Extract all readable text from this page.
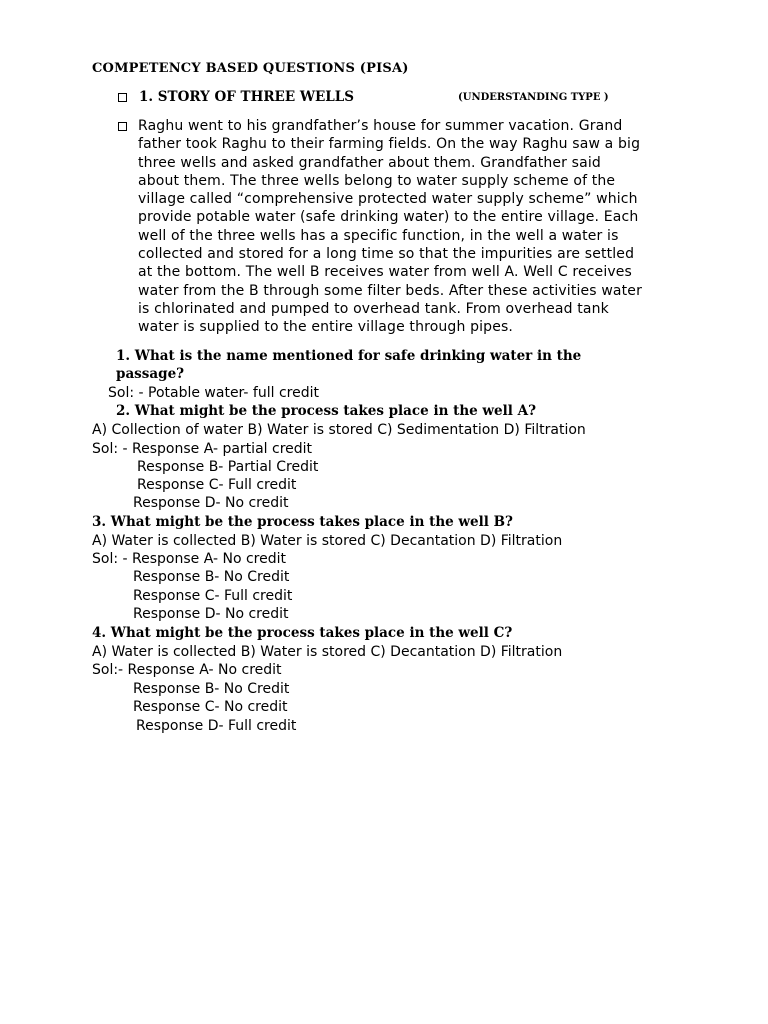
COMPETENCY BASED QUESTIONS (PISA)
1. STORY OF THREE WELLS	(UNDERSTANDING TYPE )
Raghu went to his grandfather’s house for summer vacation. Grand
father took Raghu to their farming fields. On the way Raghu saw a big
three wells and asked grandfather about them. Grandfather said
about them. The three wells belong to water supply scheme of the
village called “comprehensive protected water supply scheme” which
provide potable water (safe drinking water) to the entire village. Each
well of the three wells has a specific function, in the well a water is
collected and stored for a long time so that the impurities are settled
at the bottom. The well B receives water from well A. Well C receives
water from the B through some filter beds. After these activities water
is chlorinated and pumped to overhead tank. From overhead tank
water is supplied to the entire village through pipes.
1. What is the name mentioned for safe drinking water in the
passage?
Sol: - Potable water- full credit
2. What might be the process takes place in the well A?
A) Collection of water B) Water is stored C) Sedimentation D) Filtration
Sol: - Response A- partial credit
Response B- Partial Credit
Response C- Full credit
Response D- No credit
3. What might be the process takes place in the well B?
A) Water is collected B) Water is stored C) Decantation D) Filtration
Sol: - Response A- No credit
Response B- No Credit
Response C- Full credit
Response D- No credit
4. What might be the process takes place in the well C?
A) Water is collected B) Water is stored C) Decantation D) Filtration
Sol:- Response A- No credit
Response B- No Credit
Response C- No credit
Response D- Full credit
